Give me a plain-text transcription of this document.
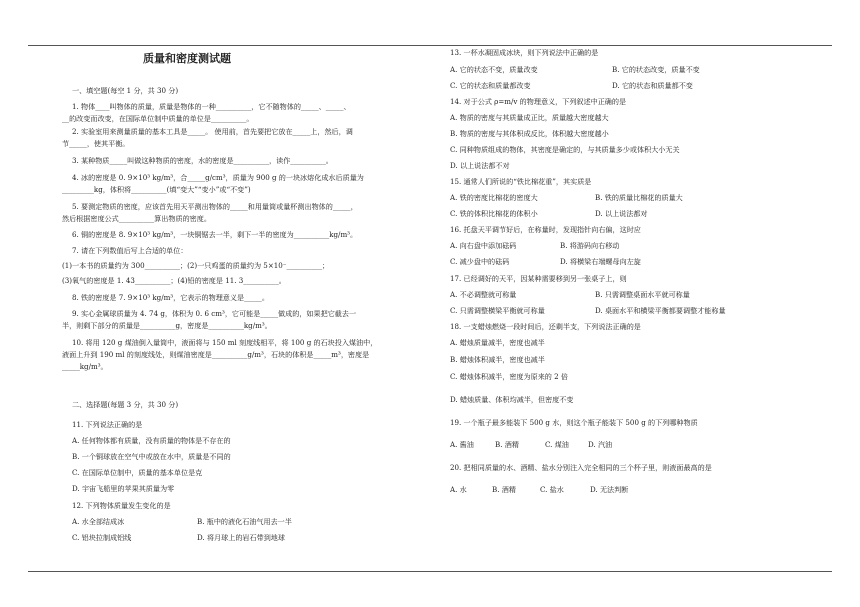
质量和密度测试题
一、填空题(每空 1 分，共 30 分)
1. 物体____叫物体的质量，质量是物体的一种__________，它不随物体的_____、_____、
__的改变而改变，在国际单位制中质量的单位是__________。
2. 实验室用来测量质量的基本工具是_____。 使用前，首先要把它放在_____上，然后，调
节_____，使其平衡。
3. 某种物质_____叫做这种物质的密度，水的密度是__________，读作__________。
4. 冰的密度是 0. 9×10³ kg/m³，合_____g/cm³，质量为 900 g 的一块冰熔化成水后质量为
_________kg，体积将__________(填“变大”“变小”或“不变”)
5. 要测定物质的密度，应该首先用天平测出物体的_____和用量筒或量杯测出物体的_____，
然后根据密度公式__________算出物质的密度。
6. 铜的密度是 8. 9×10³ kg/m³，一块铜锯去一半，剩下一半的密度为__________kg/m³。
7. 请在下列数值后写上合适的单位：
(1)一本书的质量约为 300__________；(2)一只鸡蛋的质量约为 5×10⁻__________；
(3)氧气的密度是 1. 43__________；(4)铅的密度是 11. 3__________。
8. 铁的密度是 7. 9×10³ kg/m³，它表示的物理意义是_____。
9. 实心金属球质量为 4. 74 g，体积为 0. 6 cm³，它可能是_____做成的，如果把它截去一
半，则剩下部分的质量是__________g，密度是__________kg/m³。
10. 将用 120 g 煤油倒入量筒中，液面将与 150 ml 刻度线相平，将 100 g 的石块投入煤油中，
液面上升到 190 ml 的刻度线处，则煤油密度是__________g/m³，石块的体积是_____m³，密度是
_____kg/m³。
二、选择题(每题 3 分，共 30 分)
11. 下列说法正确的是
A. 任何物体都有质量，没有质量的物体是不存在的
B. 一个铜球放在空气中或放在水中，质量是不同的
C. 在国际单位制中，质量的基本单位是克
D. 宇宙飞船里的苹果其质量为零
12. 下列物体质量发生变化的是
A. 水全部结成冰	B. 瓶中的液化石油气用去一半
C. 铝块拉制成铝线	D. 将月球上的岩石带到地球
13. 一杯水凝固成冰块，则下列说法中正确的是
A. 它的状态不变，质量改变	B. 它的状态改变，质量不变
C. 它的状态和质量都改变	D. 它的状态和质量都不变
14. 对于公式 ρ=m/v 的物理意义，下列叙述中正确的是
A. 物质的密度与其质量成正比，质量越大密度越大
B. 物质的密度与其体积成反比，体积越大密度越小
C. 同种物质组成的物体，其密度是确定的，与其质量多少或体积大小无关
D. 以上说法都不对
15. 通常人们所说的“铁比棉花重”，其实质是
A. 铁的密度比棉花的密度大	B. 铁的质量比棉花的质量大
C. 铁的体积比棉花的体积小	D. 以上说法都对
16. 托盘天平调节好后，在称量时，发现指针向右偏，这时应
A. 向右盘中添加砝码	B. 将游码向右移动
C. 减少盘中的砝码	D. 将横梁右端螺母向左旋
17. 已经调好的天平，因某种需要移到另一张桌子上，则
A. 不必调整就可称量	B. 只需调整桌面水平就可称量
C. 只需调整横梁平衡就可称量	D. 桌面水平和横梁平衡都要调整才能称量
18. 一支蜡烛燃烧一段时间后，还剩半支，下列说法正确的是
A. 蜡烛质量减半，密度也减半
B. 蜡烛体积减半，密度也减半
C. 蜡烛体积减半，密度为原来的 2 倍
D. 蜡烛质量、体积均减半，但密度不变
19. 一个瓶子最多能装下 500 g 水，则这个瓶子能装下 500 g 的下列哪种物质
A. 酱油	B. 酒精	C. 煤油	D. 汽油
20. 把相同质量的水、酒精、盐水分别注入完全相同的三个杯子里，则液面最高的是
A. 水	B. 酒精	C. 盐水	D. 无法判断
